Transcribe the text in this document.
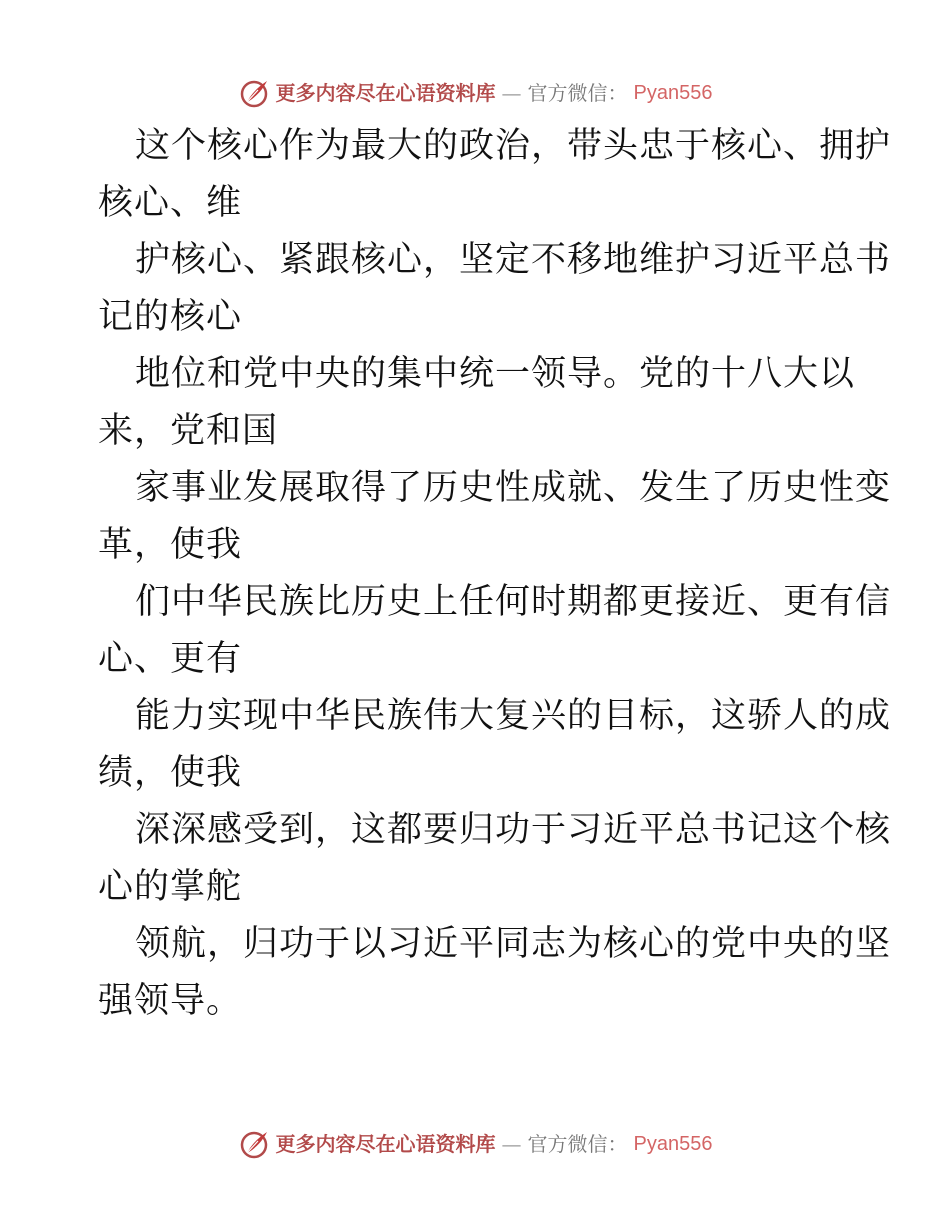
更多内容尽在心语资料库 — 官方微信： Pyan556

这个核心作为最大的政治，带头忠于核心、拥护
核心、维

护核心、紧跟核心，坚定不移地维护习近平总书
记的核心

地位和党中央的集中统一领导。党的十八大以
来，党和国

家事业发展取得了历史性成就、发生了历史性变
革，使我

们中华民族比历史上任何时期都更接近、更有信
心、更有

能力实现中华民族伟大复兴的目标，这骄人的成
绩，使我

深深感受到，这都要归功于习近平总书记这个核
心的掌舵

领航，归功于以习近平同志为核心的党中央的坚
强领导。

更多内容尽在心语资料库 — 官方微信： Pyan556
